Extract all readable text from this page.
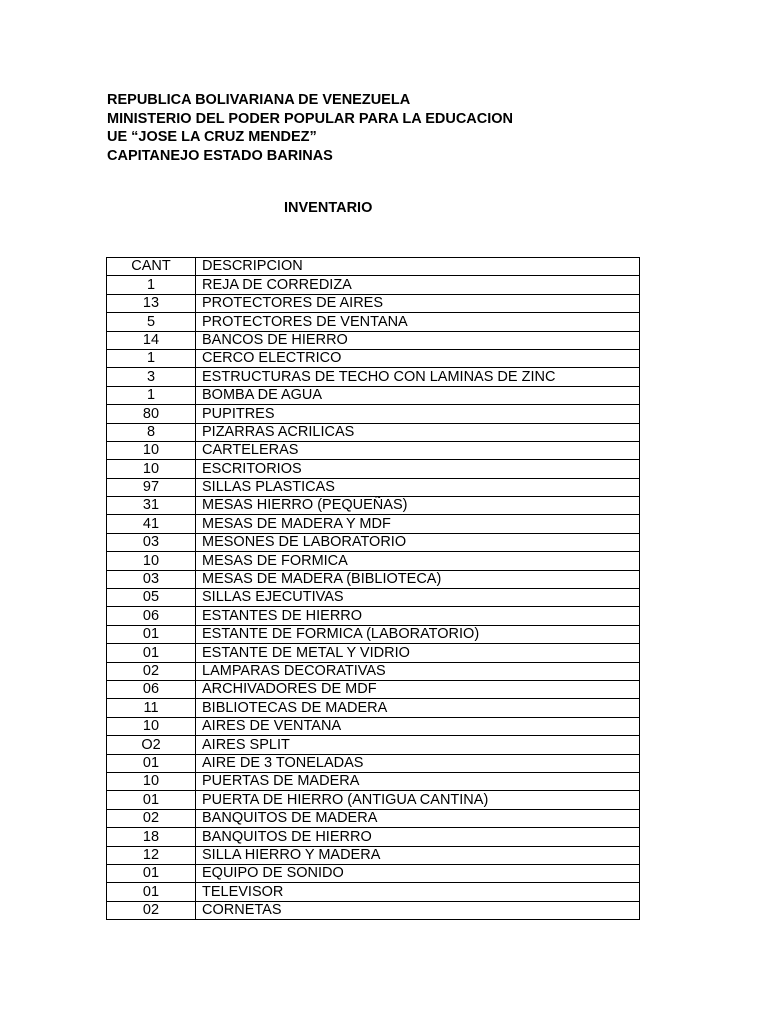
REPUBLICA BOLIVARIANA DE VENEZUELA
MINISTERIO DEL PODER POPULAR PARA LA EDUCACION
UE “JOSE LA CRUZ MENDEZ”
CAPITANEJO ESTADO BARINAS
INVENTARIO
CANT	DESCRIPCION
1	REJA DE CORREDIZA
13	PROTECTORES DE AIRES
5	PROTECTORES DE VENTANA
14	BANCOS DE HIERRO
1	CERCO ELECTRICO
3	ESTRUCTURAS DE TECHO CON LAMINAS DE ZINC
1	BOMBA DE AGUA
80	PUPITRES
8	PIZARRAS ACRILICAS
10	CARTELERAS
10	ESCRITORIOS
97	SILLAS PLASTICAS
31	MESAS HIERRO (PEQUEÑAS)
41	MESAS DE MADERA Y MDF
03	MESONES DE LABORATORIO
10	MESAS DE FORMICA
03	MESAS DE MADERA (BIBLIOTECA)
05	SILLAS EJECUTIVAS
06	ESTANTES DE HIERRO
01	ESTANTE DE FORMICA (LABORATORIO)
01	ESTANTE DE METAL Y VIDRIO
02	LAMPARAS DECORATIVAS
06	ARCHIVADORES DE MDF
11	BIBLIOTECAS DE MADERA
10	AIRES DE VENTANA
O2	AIRES SPLIT
01	AIRE DE 3 TONELADAS
10	PUERTAS DE MADERA
01	PUERTA DE HIERRO (ANTIGUA CANTINA)
02	BANQUITOS DE MADERA
18	BANQUITOS DE HIERRO
12	SILLA HIERRO Y MADERA
01	EQUIPO DE SONIDO
01	TELEVISOR
02	CORNETAS
